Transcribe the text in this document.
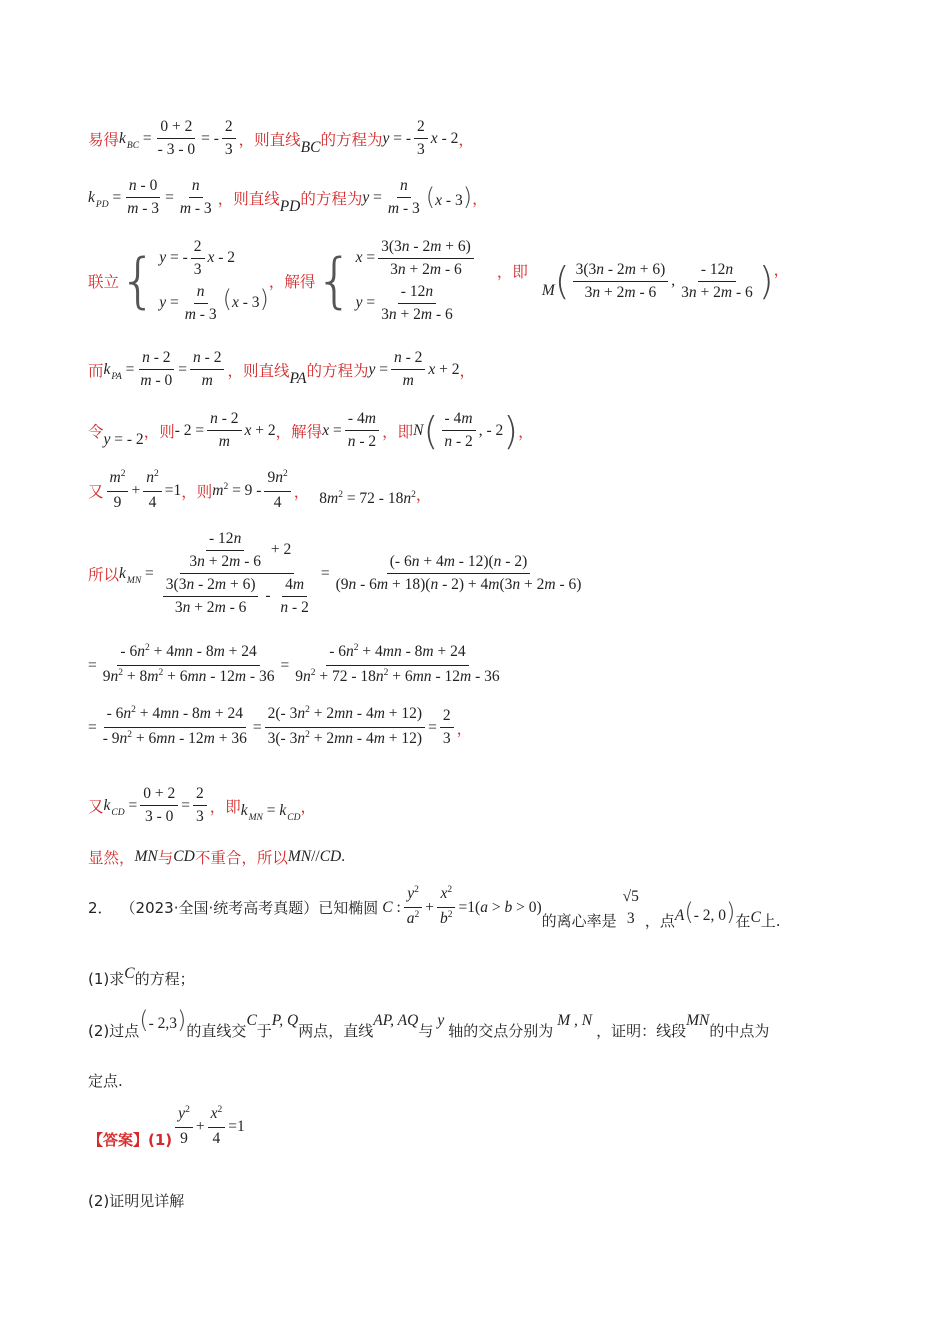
易得 $k_{BC} = \frac{0 + 2}{- 3 - 0}$ = - $\frac{2}{3}$ ，则直线 BC 的方程为 y = - $\frac{2}{3}$ x - 2 ，
$k_{PD} = \frac{n - 0}{m - 3} = \frac{n}{m - 3}$ ，则直线 PD 的方程为 $y = \frac{n}{m - 3} (x - 3)$ ，
联立 { y = - $\frac{2}{3}$ x - 2
$y = \frac{n}{m - 3} (x - 3)$
，解得 { $x = \frac{3(3n - 2m + 6)}{3n + 2m - 6}$
$y = \frac{- 12n}{3n + 2m - 6}$
，即
M ( $\frac{3(3n - 2m + 6)}{3n + 2m - 6}$ , $\frac{- 12n}{3n + 2m - 6}$ ) ，
而 $k_{PA} = \frac{n - 2}{m - 0} = \frac{n - 2}{m}$ ，则直线 PA 的方程为 $y = \frac{n - 2}{m}$ x + 2 ，
令 y = - 2 ，则 - $2 = \frac{n - 2}{m}$ x + 2 ，解得 $x = \frac{- 4m}{n - 2}$ ，即 N ( $\frac{- 4m}{n - 2}$ , - 2 ) ，
又 $\frac{m^2}{9} + \frac{n^2}{4} =1$ ，则 $m^2 = 9 - \frac{9n^2}{4}$ ， $8m^2 = 72 - 18n^2$ ，
所以 $k_{MN} = \frac{\frac{- 12n}{3n + 2m - 6} + 2}{\frac{3(3n - 2m + 6)}{3n + 2m - 6} - \frac{4m}{n - 2}} = \frac{(- 6n + 4m - 12)(n - 2)}{(9n - 6m + 18)(n - 2) + 4m(3n + 2m - 6)}$
= $\frac{- 6n^2 + 4mn - 8m + 24}{9n^2 + 8m^2 + 6mn - 12m - 36} = \frac{- 6n^2 + 4mn - 8m + 24}{9n^2 + 72 - 18n^2 + 6mn - 12m - 36}$
= $\frac{- 6n^2 + 4mn - 8m + 24}{- 9n^2 + 6mn - 12m + 36} = \frac{2(- 3n^2 + 2mn - 4m + 12)}{3(- 3n^2 + 2mn - 4m + 12)} = \frac{2}{3}$ ，
又 $k_{CD} = \frac{0 + 2}{3 - 0} = \frac{2}{3}$ ，即 $k_{MN} = k_{CD}$
，
显然， MN 与 CD 不重合，所以 MN // CD .
2． （2023·全国·统考高考真题）已知椭圆 C : $\frac{y^2}{a^2} + \frac{x^2}{b^2} =1(a > b > 0)$
的离心率是
√5
3 ，点 A(- 2, 0) 在 C 上.
(1)求 C 的方程；
(2)过点 (- 2,3) 的直线交
C
于
P, Q
两点，直线
AP, AQ
与
y
轴的交点分别为
M , N
，证明：线段
MN
的中点为
定点.
【答案】 $(1) \frac{y^2}{9} + \frac{x^2}{4} =1$
(2)证明见详解
